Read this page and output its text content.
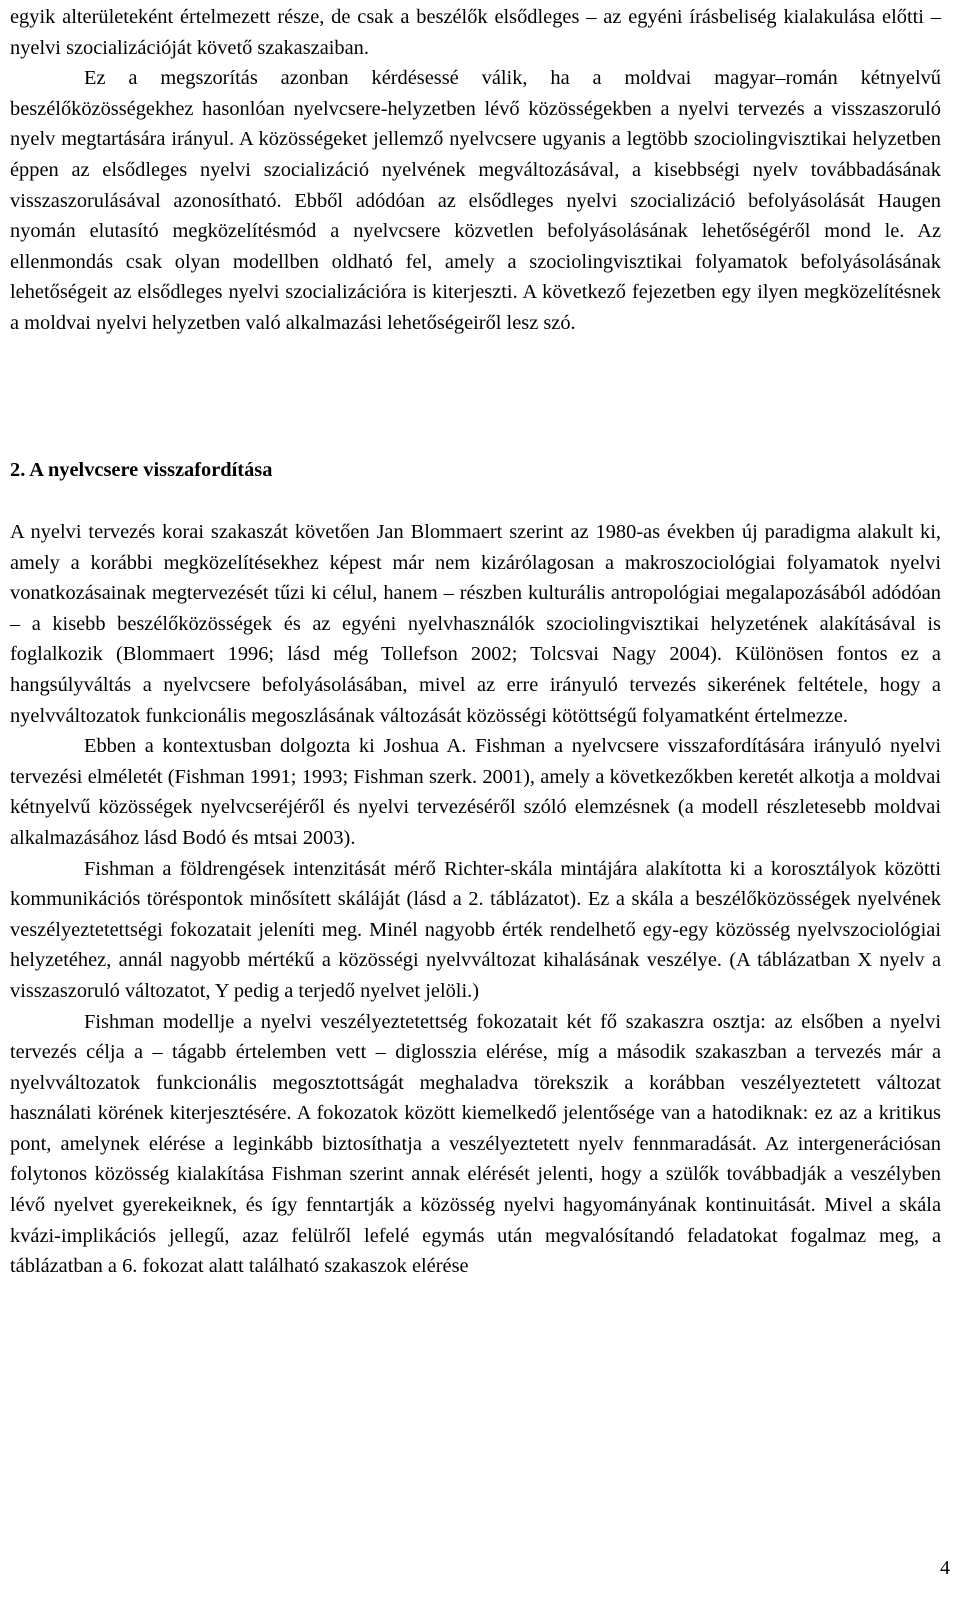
egyik alterületeként értelmezett része, de csak a beszélők elsődleges – az egyéni írásbeliség kialakulása előtti – nyelvi szocializációját követő szakaszaiban.

Ez a megszorítás azonban kérdésessé válik, ha a moldvai magyar–román kétnyelvű beszélőközösségekhez hasonlóan nyelvcsere-helyzetben lévő közösségekben a nyelvi tervezés a visszaszoruló nyelv megtartására irányul. A közösségeket jellemző nyelvcsere ugyanis a legtöbb szociolingvisztikai helyzetben éppen az elsődleges nyelvi szocializáció nyelvének megváltozásával, a kisebbségi nyelv továbbadásának visszaszorulásával azonosítható. Ebből adódóan az elsődleges nyelvi szocializáció befolyásolását Haugen nyomán elutasító megközelítésmód a nyelvcsere közvetlen befolyásolásának lehetőségéről mond le. Az ellenmondás csak olyan modellben oldható fel, amely a szociolingvisztikai folyamatok befolyásolásának lehetőségeit az elsődleges nyelvi szocializációra is kiterjeszti. A következő fejezetben egy ilyen megközelítésnek a moldvai nyelvi helyzetben való alkalmazási lehetőségeiről lesz szó.

2. A nyelvcsere visszafordítása

A nyelvi tervezés korai szakaszát követően Jan Blommaert szerint az 1980-as években új paradigma alakult ki, amely a korábbi megközelítésekhez képest már nem kizárólagosan a makroszociológiai folyamatok nyelvi vonatkozásainak megtervezését tűzi ki célul, hanem – részben kulturális antropológiai megalapozásából adódóan – a kisebb beszélőközösségek és az egyéni nyelvhasználók szociolingvisztikai helyzetének alakításával is foglalkozik (Blommaert 1996; lásd még Tollefson 2002; Tolcsvai Nagy 2004). Különösen fontos ez a hangsúlyváltás a nyelvcsere befolyásolásában, mivel az erre irányuló tervezés sikerének feltétele, hogy a nyelvváltozatok funkcionális megoszlásának változását közösségi kötöttségű folyamatként értelmezze.

Ebben a kontextusban dolgozta ki Joshua A. Fishman a nyelvcsere visszafordítására irányuló nyelvi tervezési elméletét (Fishman 1991; 1993; Fishman szerk. 2001), amely a következőkben keretét alkotja a moldvai kétnyelvű közösségek nyelvcseréjéről és nyelvi tervezéséről szóló elemzésnek (a modell részletesebb moldvai alkalmazásához lásd Bodó és mtsai 2003).

Fishman a földrengések intenzitását mérő Richter-skála mintájára alakította ki a korosztályok közötti kommunikációs töréspontok minősített skáláját (lásd a 2. táblázatot). Ez a skála a beszélőközösségek nyelvének veszélyeztetettségi fokozatait jeleníti meg. Minél nagyobb érték rendelhető egy-egy közösség nyelvszociológiai helyzetéhez, annál nagyobb mértékű a közösségi nyelvváltozat kihalásának veszélye. (A táblázatban X nyelv a visszaszoruló változatot, Y pedig a terjedő nyelvet jelöli.)

Fishman modellje a nyelvi veszélyeztetettség fokozatait két fő szakaszra osztja: az elsőben a nyelvi tervezés célja a – tágabb értelemben vett – diglosszia elérése, míg a második szakaszban a tervezés már a nyelvváltozatok funkcionális megosztottságát meghaladva törekszik a korábban veszélyeztetett változat használati körének kiterjesztésére. A fokozatok között kiemelkedő jelentősége van a hatodiknak: ez az a kritikus pont, amelynek elérése a leginkább biztosíthatja a veszélyeztetett nyelv fennmaradását. Az intergenerációsan folytonos közösség kialakítása Fishman szerint annak elérését jelenti, hogy a szülők továbbadják a veszélyben lévő nyelvet gyerekeiknek, és így fenntartják a közösség nyelvi hagyományának kontinuitását. Mivel a skála kvázi-implikációs jellegű, azaz felülről lefelé egymás után megvalósítandó feladatokat fogalmaz meg, a táblázatban a 6. fokozat alatt található szakaszok elérése

4
